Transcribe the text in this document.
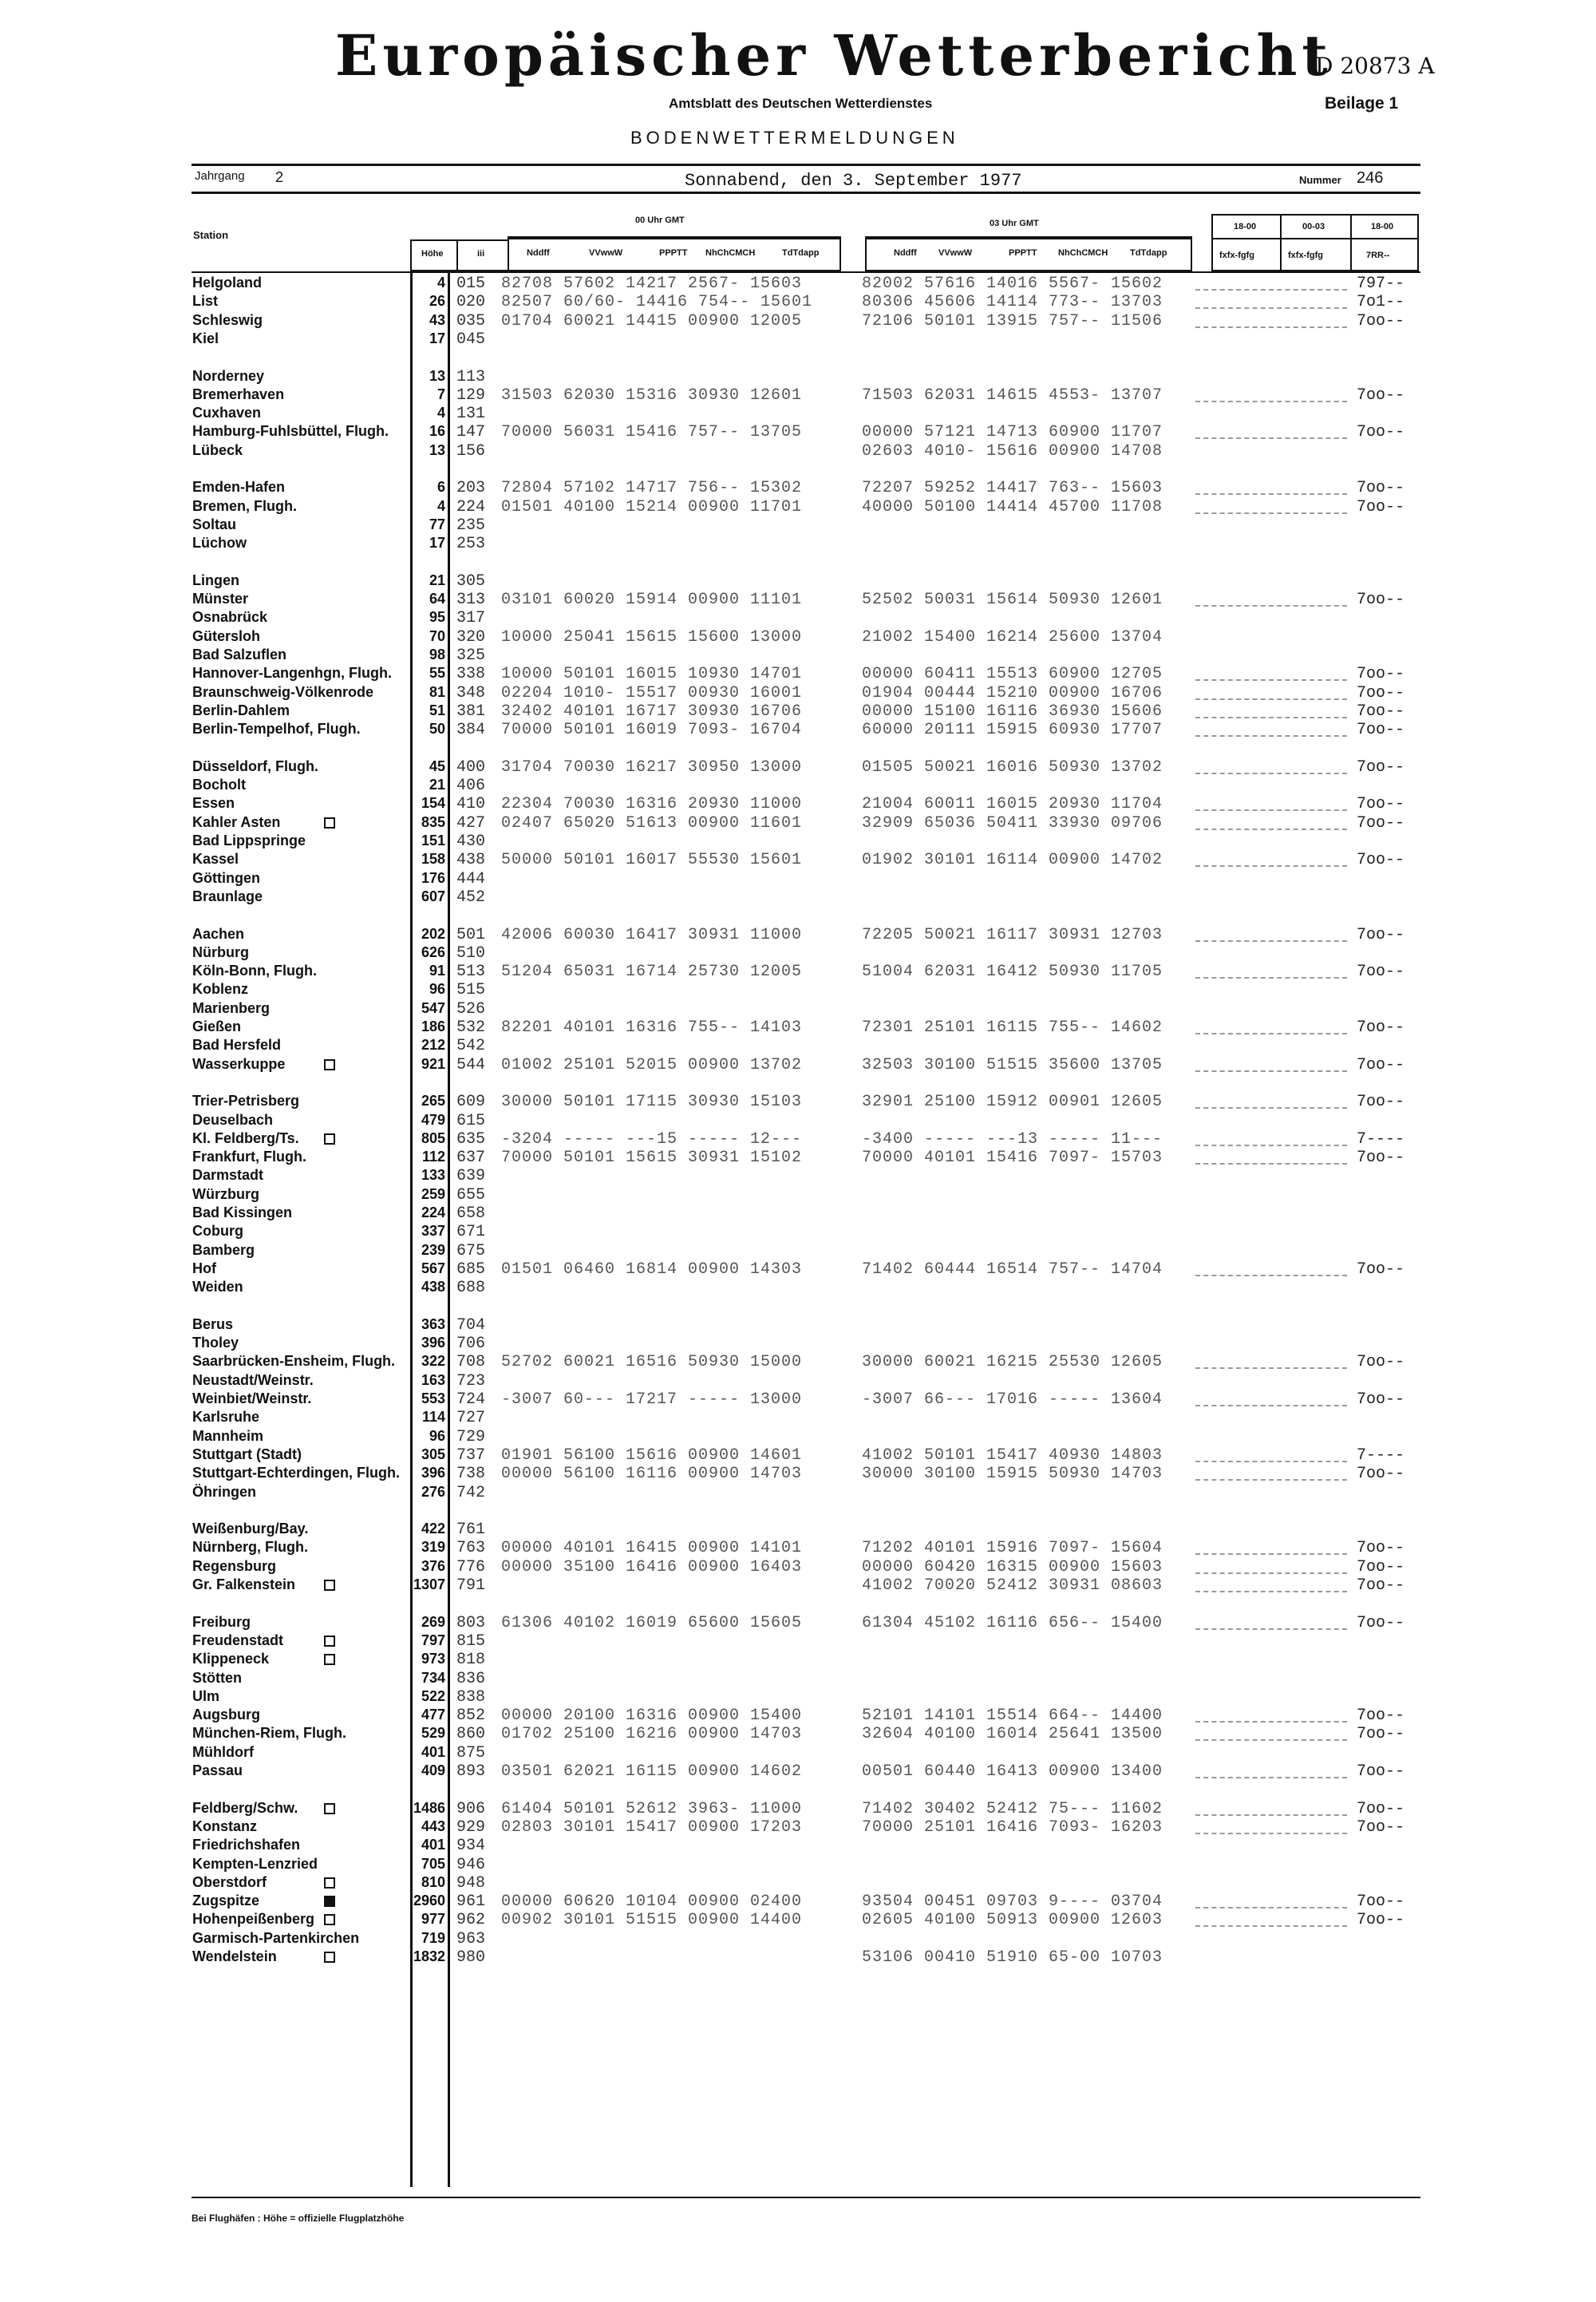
Europäischer Wetterbericht
D 20873 A
Amtsblatt des Deutschen Wetterdienstes	Beilage 1
BODENWETTERMELDUNGEN
Jahrgang 2	Sonnabend, den 3. September 1977	Nummer 246
Station
Höhe	iii
00 Uhr GMT
Nddff	VVwwW	PPPTT NhChCMCH	TdTdapp
03 Uhr GMT
Nddff VVwwW	PPPTT NhChCMCH	TdTdapp
18-00	00-03	18-00
fxfx-fgfg	fxfx-fgfg	7RR--
Helgoland	4 015 82708 57602 14217 2567- 15603	82002 57616 14016 5567- 15602	797--
List	26 020 82507 60/60- 14416 754-- 15601	80306 45606 14114 773-- 13703	7o1--
Schleswig	43 035 01704 60021 14415 00900 12005	72106 50101 13915 757-- 11506	7oo--
Kiel	17 045
Norderney	13 113
Bremerhaven	7 129 31503 62030 15316 30930 12601	71503 62031 14615 4553- 13707	7oo--
Cuxhaven	4 131
Hamburg-Fuhlsbüttel, Flugh.	16 147 70000 56031 15416 757-- 13705	00000 57121 14713 60900 11707	7oo--
Lübeck	13 156	02603 4010- 15616 00900 14708
Emden-Hafen	6 203 72804 57102 14717 756-- 15302	72207 59252 14417 763-- 15603	7oo--
Bremen, Flugh.	4 224 01501 40100 15214 00900 11701	40000 50100 14414 45700 11708	7oo--
Soltau	77 235
Lüchow	17 253
Lingen	21 305
Münster	64 313 03101 60020 15914 00900 11101	52502 50031 15614 50930 12601	7oo--
Osnabrück	95 317
Gütersloh	70 320 10000 25041 15615 15600 13000	21002 15400 16214 25600 13704
Bad Salzuflen	98 325
Hannover-Langenhgn, Flugh.	55 338 10000 50101 16015 10930 14701	00000 60411 15513 60900 12705	7oo--
Braunschweig-Völkenrode	81 348 02204 1010- 15517 00930 16001	01904 00444 15210 00900 16706	7oo--
Berlin-Dahlem	51 381 32402 40101 16717 30930 16706	00000 15100 16116 36930 15606	7oo--
Berlin-Tempelhof, Flugh.	50 384 70000 50101 16019 7093- 16704	60000 20111 15915 60930 17707	7oo--
Düsseldorf, Flugh.	45 400 31704 70030 16217 30950 13000	01505 50021 16016 50930 13702	7oo--
Bocholt	21 406
Essen	154 410 22304 70030 16316 20930 11000	21004 60011 16015 20930 11704	7oo--
Kahler Asten	835 427 02407 65020 51613 00900 11601	32909 65036 50411 33930 09706	7oo--
Bad Lippspringe	151 430
Kassel	158 438 50000 50101 16017 55530 15601	01902 30101 16114 00900 14702	7oo--
Göttingen	176 444
Braunlage	607 452
Aachen	202 501 42006 60030 16417 30931 11000	72205 50021 16117 30931 12703	7oo--
Nürburg	626 510
Köln-Bonn, Flugh.	91 513 51204 65031 16714 25730 12005	51004 62031 16412 50930 11705	7oo--
Koblenz	96 515
Marienberg	547 526
Gießen	186 532 82201 40101 16316 755-- 14103	72301 25101 16115 755-- 14602	7oo--
Bad Hersfeld	212 542
Wasserkuppe	921 544 01002 25101 52015 00900 13702	32503 30100 51515 35600 13705	7oo--
Trier-Petrisberg	265 609 30000 50101 17115 30930 15103	32901 25100 15912 00901 12605	7oo--
Deuselbach	479 615
Kl. Feldberg/Ts.	805 635 -3204 ----- ---15 ----- 12---	-3400 ----- ---13 ----- 11---	7----
Frankfurt, Flugh.	112 637 70000 50101 15615 30931 15102	70000 40101 15416 7097- 15703	7oo--
Darmstadt	133 639
Würzburg	259 655
Bad Kissingen	224 658
Coburg	337 671
Bamberg	239 675
Hof	567 685 01501 06460 16814 00900 14303	71402 60444 16514 757-- 14704	7oo--
Weiden	438 688
Berus	363 704
Tholey	396 706
Saarbrücken-Ensheim, Flugh.	322 708 52702 60021 16516 50930 15000	30000 60021 16215 25530 12605	7oo--
Neustadt/Weinstr.	163 723
Weinbiet/Weinstr.	553 724 -3007 60--- 17217 ----- 13000	-3007 66--- 17016 ----- 13604	7oo--
Karlsruhe	114 727
Mannheim	96 729
Stuttgart (Stadt)	305 737 01901 56100 15616 00900 14601	41002 50101 15417 40930 14803	7----
Stuttgart-Echterdingen, Flugh.	396 738 00000 56100 16116 00900 14703	30000 30100 15915 50930 14703	7oo--
Öhringen	276 742
Weißenburg/Bay.	422 761
Nürnberg, Flugh.	319 763 00000 40101 16415 00900 14101	71202 40101 15916 7097- 15604	7oo--
Regensburg	376 776 00000 35100 16416 00900 16403	00000 60420 16315 00900 15603	7oo--
Gr. Falkenstein	1307 791	41002 70020 52412 30931 08603	7oo--
Freiburg	269 803 61306 40102 16019 65600 15605	61304 45102 16116 656-- 15400	7oo--
Freudenstadt	797 815
Klippeneck	973 818
Stötten	734 836
Ulm	522 838
Augsburg	477 852 00000 20100 16316 00900 15400	52101 14101 15514 664-- 14400	7oo--
München-Riem, Flugh.	529 860 01702 25100 16216 00900 14703	32604 40100 16014 25641 13500	7oo--
Mühldorf	401 875
Passau	409 893 03501 62021 16115 00900 14602	00501 60440 16413 00900 13400	7oo--
Feldberg/Schw.	1486 906 61404 50101 52612 3963- 11000	71402 30402 52412 75--- 11602	7oo--
Konstanz	443 929 02803 30101 15417 00900 17203	70000 25101 16416 7093- 16203	7oo--
Friedrichshafen	401 934
Kempten-Lenzried	705 946
Oberstdorf	810 948
Zugspitze	2960 961 00000 60620 10104 00900 02400	93504 00451 09703 9---- 03704	7oo--
Hohenpeißenberg	977 962 00902 30101 51515 00900 14400	02605 40100 50913 00900 12603	7oo--
Garmisch-Partenkirchen	719 963
Wendelstein	1832 980	53106 00410 51910 65-00 10703
Bei Flughäfen : Höhe = offizielle Flugplatzhöhe
